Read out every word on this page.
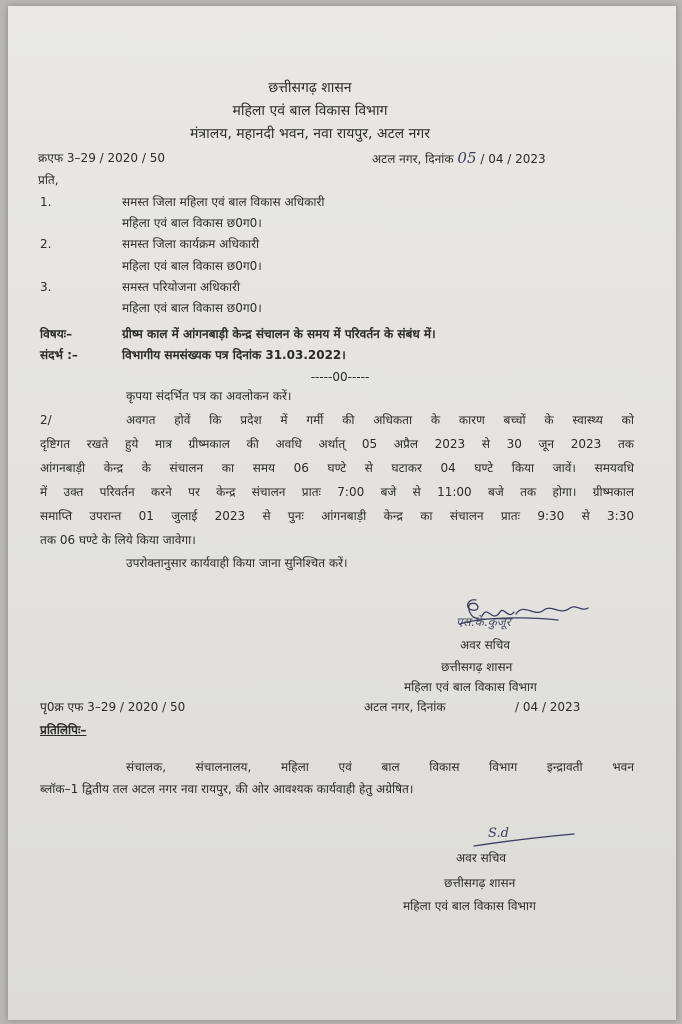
छत्तीसगढ़ शासन
महिला एवं बाल विकास विभाग
मंत्रालय, महानदी भवन, नवा रायपुर, अटल नगर
क्रएफ 3–29 / 2020 / 50	अटल नगर, दिनांक 05 / 04 / 2023
प्रति,
1.	समस्त जिला महिला एवं बाल विकास अधिकारी
महिला एवं बाल विकास छ0ग0।
2.	समस्त जिला कार्यक्रम अधिकारी
महिला एवं बाल विकास छ0ग0।
3.	समस्त परियोजना अधिकारी
महिला एवं बाल विकास छ0ग0।
विषयः–	ग्रीष्म काल में आंगनबाड़ी केन्द्र संचालन के समय में परिवर्तन के संबंध में।
संदर्भ :–	विभागीय समसंख्यक पत्र दिनांक 31.03.2022।
-----00-----
कृपया संदर्भित पत्र का अवलोकन करें।
2/	अवगत होवें कि प्रदेश में गर्मी की अधिकता के कारण बच्चों के स्वास्थ्य को
दृष्टिगत रखते हुये मात्र ग्रीष्मकाल की अवधि अर्थात् 05 अप्रैल 2023 से 30 जून 2023 तक
आंगनबाड़ी केन्द्र के संचालन का समय 06 घण्टे से घटाकर 04 घण्टे किया जावें। समयवधि
में उक्त परिवर्तन करने पर केन्द्र संचालन प्रातः 7:00 बजे से 11:00 बजे तक होगा। ग्रीष्मकाल
समाप्ति उपरान्त 01 जुलाई 2023 से पुनः आंगनबाड़ी केन्द्र का संचालन प्रातः 9:30 से 3:30
तक 06 घण्टे के लिये किया जावेगा।
उपरोक्तानुसार कार्यवाही किया जाना सुनिश्चित करें।
एस.के.कुजूर
अवर सचिव
छत्तीसगढ़ शासन
महिला एवं बाल विकास विभाग
पृ0क्र एफ 3–29 / 2020 / 50	अटल नगर, दिनांक	/ 04 / 2023
प्रतिलिपिः–
संचालक, संचालनालय, महिला एवं बाल विकास विभाग इन्द्रावती भवन
ब्लॉक–1 द्वितीय तल अटल नगर नवा रायपुर, की ओर आवश्यक कार्यवाही हेतु अग्रेषित।
S.d
अवर सचिव
छत्तीसगढ़ शासन
महिला एवं बाल विकास विभाग
